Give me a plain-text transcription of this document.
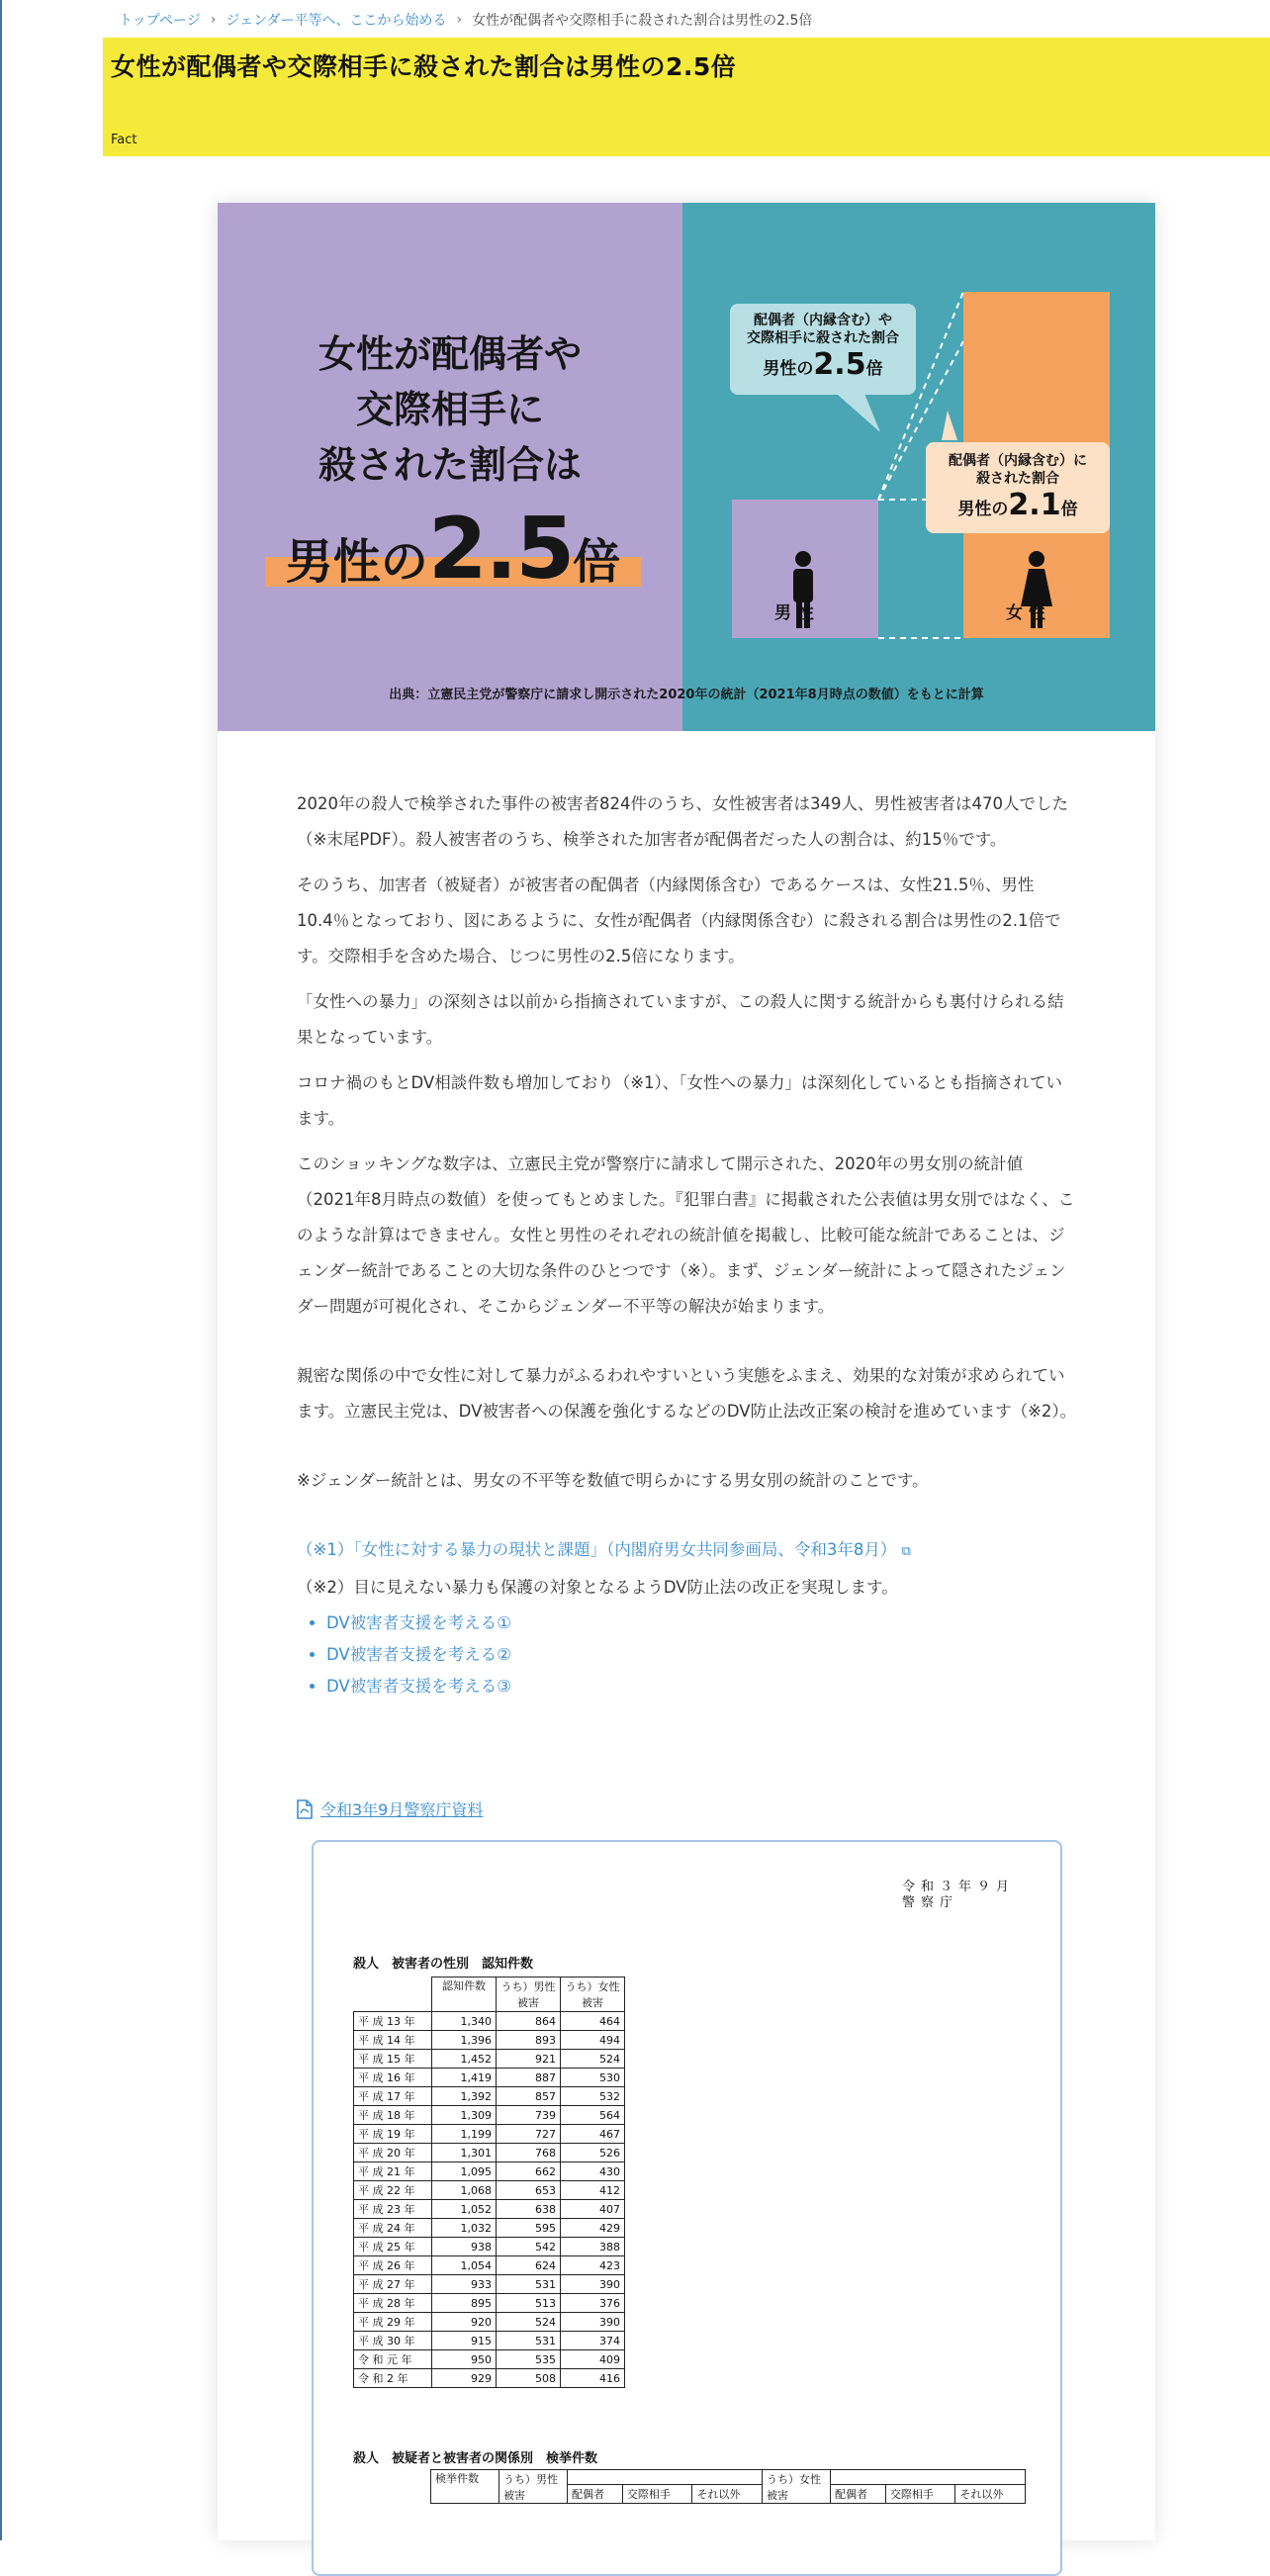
トップページ › ジェンダー平等へ、ここから始める › 女性が配偶者や交際相手に殺された割合は男性の2.5倍
女性が配偶者や交際相手に殺された割合は男性の2.5倍
Fact
女性が配偶者や
交際相手に
殺された割合は
男性の2.5倍
男 性	女 性
配偶者（内縁含む）や
交際相手に殺された割合
男性の2.5倍
配偶者（内縁含む）に
殺された割合
男性の2.1倍
出典：立憲民主党が警察庁に請求し開示された2020年の統計（2021年8月時点の数値）をもとに計算

2020年の殺人で検挙された事件の被害者824件のうち、女性被害者は349人、男性被害者は470人でした（※末尾PDF）。殺人被害者のうち、検挙された加害者が配偶者だった人の割合は、約15％です。

そのうち、加害者（被疑者）が被害者の配偶者（内縁関係含む）であるケースは、女性21.5％、男性10.4％となっており、図にあるように、女性が配偶者（内縁関係含む）に殺される割合は男性の2.1倍です。交際相手を含めた場合、じつに男性の2.5倍になります。

「女性への暴力」の深刻さは以前から指摘されていますが、この殺人に関する統計からも裏付けられる結果となっています。

コロナ禍のもとDV相談件数も増加しており（※1）、「女性への暴力」は深刻化しているとも指摘されています。

このショッキングな数字は、立憲民主党が警察庁に請求して開示された、2020年の男女別の統計値（2021年8月時点の数値）を使ってもとめました。『犯罪白書』に掲載された公表値は男女別ではなく、このような計算はできません。女性と男性のそれぞれの統計値を掲載し、比較可能な統計であることは、ジェンダー統計であることの大切な条件のひとつです（※）。まず、ジェンダー統計によって隠されたジェンダー問題が可視化され、そこからジェンダー不平等の解決が始まります。

親密な関係の中で女性に対して暴力がふるわれやすいという実態をふまえ、効果的な対策が求められています。立憲民主党は、DV被害者への保護を強化するなどのDV防止法改正案の検討を進めています（※2）。

※ジェンダー統計とは、男女の不平等を数値で明らかにする男女別の統計のことです。

（※1）「女性に対する暴力の現状と課題」（内閣府男女共同参画局、令和3年8月） ⧉

（※2）目に見えない暴力も保護の対象となるようDV防止法の改正を実現します。

• DV被害者支援を考える①
• DV被害者支援を考える②
• DV被害者支援を考える③
令和3年9月警察庁資料
令和３年９月
警察庁
殺人　被害者の性別　認知件数
	認知件数	うち）男性被害	うち）女性被害
平 成 13 年	1,340	864	464
平 成 14 年	1,396	893	494
平 成 15 年	1,452	921	524
平 成 16 年	1,419	887	530
平 成 17 年	1,392	857	532
平 成 18 年	1,309	739	564
平 成 19 年	1,199	727	467
平 成 20 年	1,301	768	526
平 成 21 年	1,095	662	430
平 成 22 年	1,068	653	412
平 成 23 年	1,052	638	407
平 成 24 年	1,032	595	429
平 成 25 年	938	542	388
平 成 26 年	1,054	624	423
平 成 27 年	933	531	390
平 成 28 年	895	513	376
平 成 29 年	920	524	390
平 成 30 年	915	531	374
令 和 元 年	950	535	409
令 和 2 年	929	508	416
殺人　被疑者と被害者の関係別　検挙件数
	検挙件数	うち）男性被害				うち）女性被害			
			配偶者	交際相手	それ以外		配偶者	交際相手	それ以外
